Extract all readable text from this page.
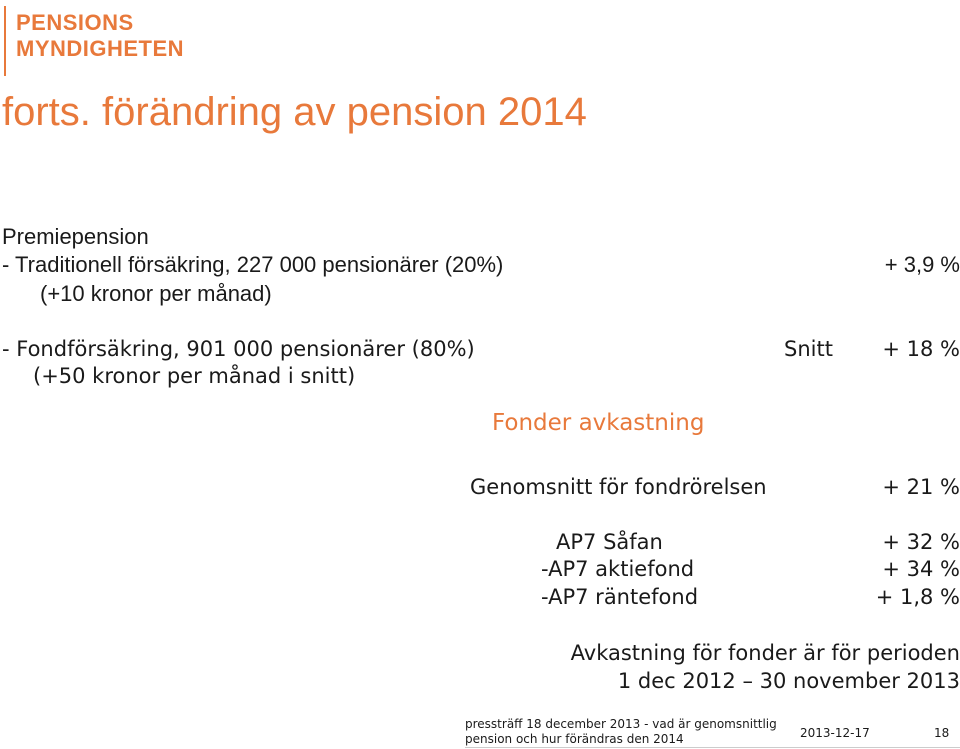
PENSIONS
MYNDIGHETEN
forts. förändring av pension 2014
Premiepension
- Traditionell försäkring, 227 000 pensionärer (20%)	+ 3,9 %
(+10 kronor per månad)
- Fondförsäkring, 901 000 pensionärer (80%)	Snitt	+ 18 %
(+50 kronor per månad i snitt)
Fonder avkastning
Genomsnitt för fondrörelsen	+ 21 %
AP7 Såfan	+ 32 %
-AP7 aktiefond	+ 34 %
-AP7 räntefond	+ 1,8 %
Avkastning för fonder är för perioden
1 dec 2012 – 30 november 2013
pressträff 18 december 2013 - vad är genomsnittlig
pension och hur förändras den 2014	2013-12-17	18
